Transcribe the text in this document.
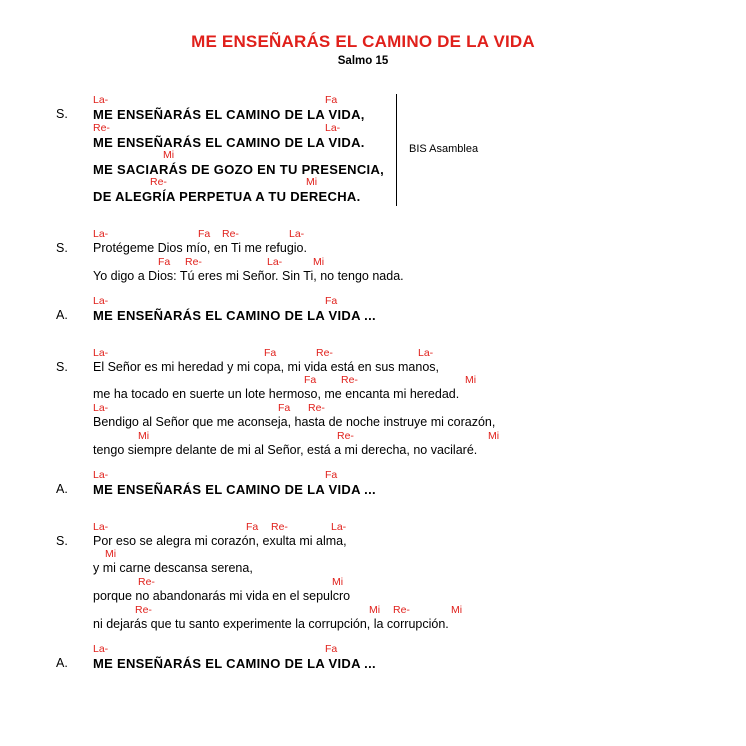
ME ENSEÑARÁS EL CAMINO DE LA VIDA
Salmo 15
La-	Fa
S. ME ENSEÑARÁS EL CAMINO DE LA VIDA,
Re-	La-
ME ENSEÑARÁS EL CAMINO DE LA VIDA.
Mi
ME SACIARÁS DE GOZO EN TU PRESENCIA,
Re-	Mi
DE ALEGRÍA PERPETUA A TU DERECHA.
BIS Asamblea
La-	Fa Re-	La-
S. Protégeme Dios mío, en Ti me refugio.
Fa Re-	La-	Mi
Yo digo a Dios: Tú eres mi Señor. Sin Ti, no tengo nada.
La-	Fa
A. ME ENSEÑARÁS EL CAMINO DE LA VIDA ...
La-	Fa	Re-	La-
S. El Señor es mi heredad y mi copa, mi vida está en sus manos,
Fa Re-	Mi
me ha tocado en suerte un lote hermoso, me encanta mi heredad.
La-	Fa Re-
Bendigo al Señor que me aconseja, hasta de noche instruye mi corazón,
Mi	Re-	Mi
tengo siempre delante de mi al Señor, está a mi derecha, no vacilaré.
La-	Fa
A. ME ENSEÑARÁS EL CAMINO DE LA VIDA ...
La-	Fa Re-	La-
S. Por eso se alegra mi corazón, exulta mi alma,
Mi
y mi carne descansa serena,
Re-	Mi
porque no abandonarás mi vida en el sepulcro
Re-	Mi Re-	Mi
ni dejarás que tu santo experimente la corrupción, la corrupción.
La-	Fa
A. ME ENSEÑARÁS EL CAMINO DE LA VIDA ...
